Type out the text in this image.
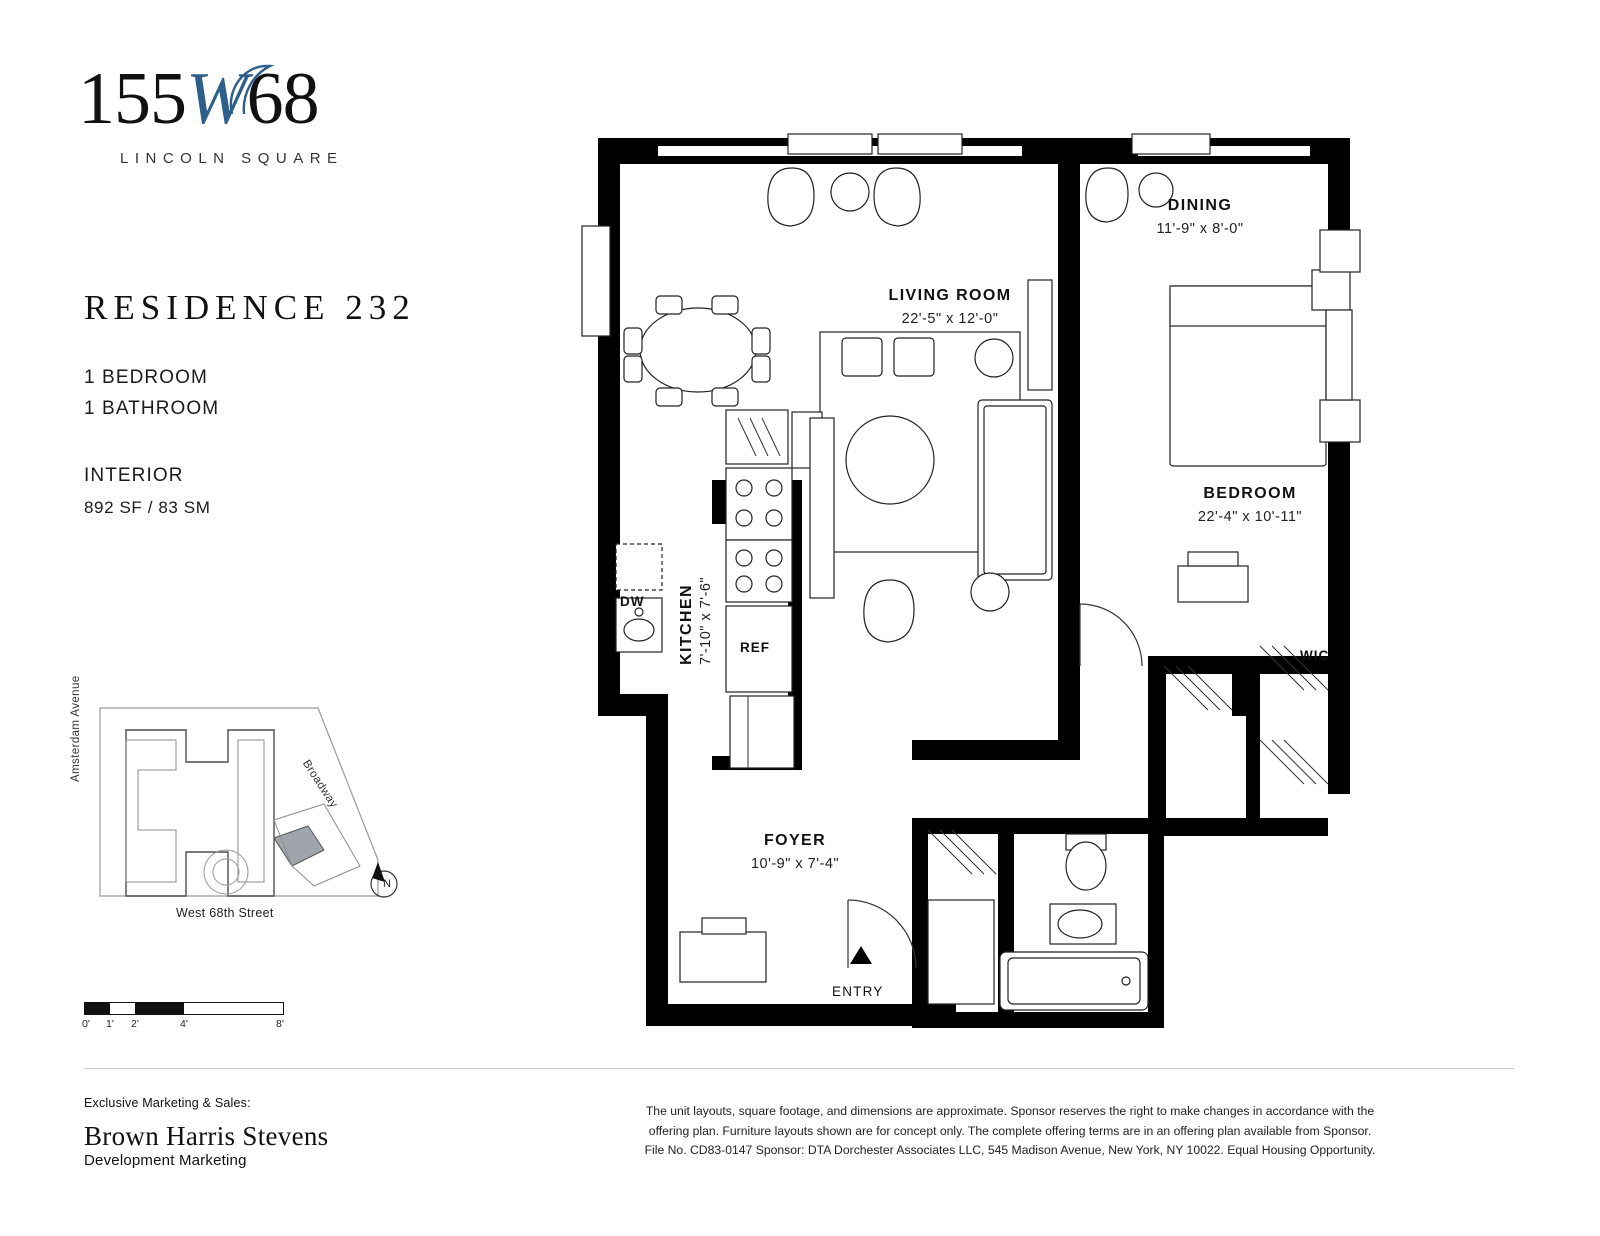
155W68
LINCOLN SQUARE
RESIDENCE 232
1 BEDROOM
1 BATHROOM
INTERIOR
892 SF / 83 SM
Amsterdam Avenue
Broadway
West 68th Street
N
0' 1' 2'	4'	8'
Exclusive Marketing & Sales:
Brown Harris Stevens
Development Marketing
The unit layouts, square footage, and dimensions are approximate. Sponsor reserves the right to make changes in accordance with the
offering plan. Furniture layouts shown are for concept only. The complete offering terms are in an offering plan available from Sponsor.
File No. CD83-0147 Sponsor: DTA Dorchester Associates LLC, 545 Madison Avenue, New York, NY 10022. Equal Housing Opportunity.
DINING
11'-9" x 8'-0"
LIVING ROOM
22'-5" x 12'-0"
BEDROOM
22'-4" x 10'-11"
KITCHEN 7'-10" x 7'-6"
FOYER
10'-9" x 7'-4"
WIC
DW
REF
ENTRY
